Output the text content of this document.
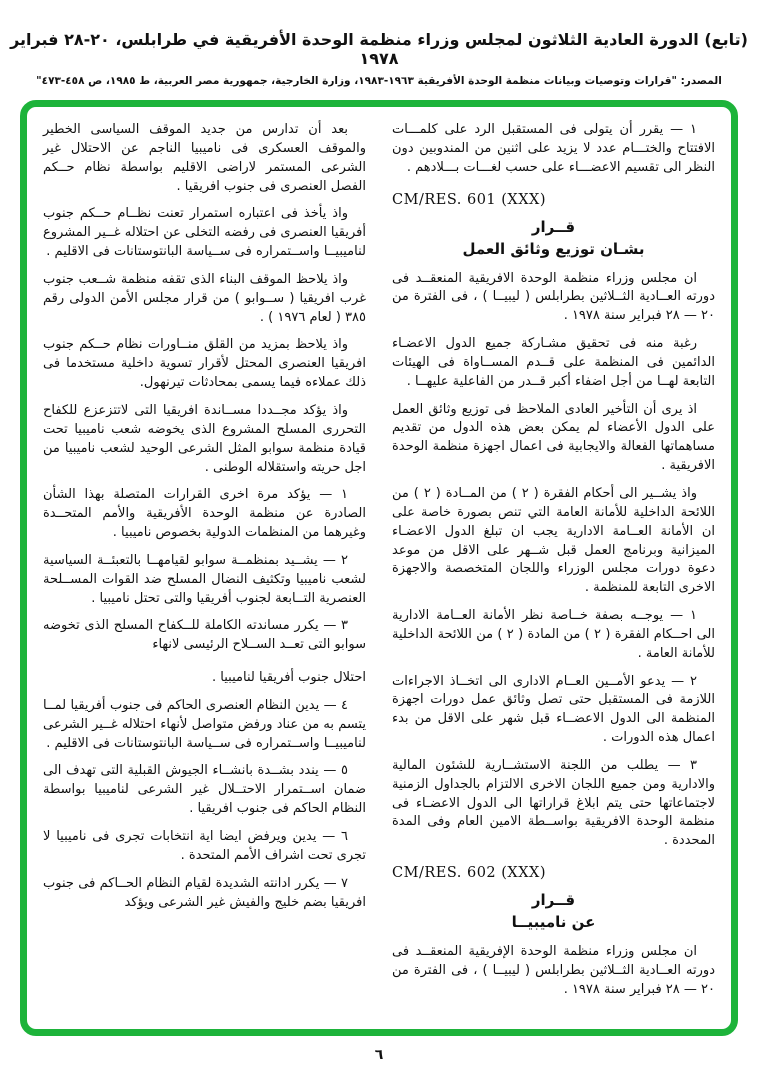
(تابع) الدورة العادية الثلاثون لمجلس وزراء منظمة الوحدة الأفريقية في طرابلس، ٢٠-٢٨ فبراير ١٩٧٨
المصدر: "قرارات وتوصيات وبيانات منظمة الوحدة الأفريقية ١٩٦٣-١٩٨٣، وزارة الخارجية، جمهورية مصر العربية، ط ١٩٨٥، ص ٤٥٨-٤٧٣"

١ — يقرر أن يتولى فى المستقبل الرد على كلمـــات الافتتاح والختـــام عدد لا يزيد على اثنين من المندوبين دون النظر الى تقسيم الاعضـــاء على حسب لغـــات بـــلادهم .

CM/RES. 601 (XXX)
قــرار
بشـان توزيع وثائق العمل

ان مجلس وزراء منظمة الوحدة الافريقية المنعقــد فى دورته العــادية الثــلاثين بطرابلس ( ليبيــا ) ، فى الفترة من ٢٠ — ٢٨ فبراير سنة ١٩٧٨ .

رغبة منه فى تحقيق مشـاركة جميع الدول الاعضـاء الدائمين فى المنظمة على قــدم المســاواة فى الهيئات التابعة لهــا من أجل اضفاء أكبر قــدر من الفاعلية عليهــا .

اذ يرى أن التأخير العادى الملاحظ فى توزيع وثائق العمل على الدول الأعضاء لم يمكن بعض هذه الدول من تقديم مساهماتها الفعالة والايجابية فى اعمال اجهزة منظمة الوحدة الافريقية .

واذ يشــير الى أحكام الفقرة ( ٢ ) من المــادة ( ٢ ) من اللائحة الداخلية للأمانة العامة التي تنص بصورة خاصة على ان الأمانة العــامة الادارية يجب ان تبلغ الدول الاعضـاء الميزانية وبرنامج العمل قبل شــهر على الاقل من موعد دعوة دورات مجلس الوزراء واللجان المتخصصة والاجهزة الاخرى التابعة للمنظمة .

١ — يوجــه بصفة خــاصة نظر الأمانة العــامة الادارية الى احــكام الفقرة ( ٢ ) من المادة ( ٢ ) من اللائحة الداخلية للأمانة العامة .

٢ — يدعو الأمــين العــام الادارى الى اتخــاذ الاجراءات اللازمة فى المستقبل حتى تصل وثائق عمل دورات اجهزة المنظمة الى الدول الاعضــاء قبل شهر على الاقل من بدء اعمال هذه الدورات .

٣ — يطلب من اللجنة الاستشــارية للشئون المالية والادارية ومن جميع اللجان الاخرى الالتزام بالجداول الزمنية لاجتماعاتها حتى يتم ابلاغ قراراتها الى الدول الاعضـاء فى منظمة الوحدة الافريقية بواســطة الامين العام وفى المدة المحددة .

CM/RES. 602 (XXX)
قــرار
عن ناميبيــا

ان مجلس وزراء منظمة الوحدة الإفريقية المنعقــد فى دورته العــادية الثــلاثين بطرابلس ( ليبيــا ) ، فى الفترة من ٢٠ — ٢٨ فبراير سنة ١٩٧٨ .

بعد أن تدارس من جديد الموقف السياسى الخطير والموقف العسكرى فى ناميبيا الناجم عن الاحتلال غير الشرعى المستمر لاراضى الاقليم بواسطة نظام حــكم الفصل العنصرى فى جنوب افريقيا .

واذ يأخذ فى اعتباره استمرار تعنت نظــام حــكم جنوب أفريقيا العنصرى فى رفضه التخلى عن احتلاله غــير المشروع لناميبيــا واســتمراره فى ســياسة البانتوستانات فى الاقليم .

واذ يلاحظ الموقف البناء الذى تقفه منظمة شــعب جنوب غرب افريقيا ( ســوابو ) من قرار مجلس الأمن الدولى رقم ٣٨٥ ( لعام ١٩٧٦ ) .

واذ يلاحظ بمزيد من القلق منــاورات نظام حــكم جنوب افريقيا العنصرى المحتل لأقرار تسوية داخلية مستخدما فى ذلك عملاءه فيما يسمى بمحادثات تيرنهول.

واذ يؤكد مجــددا مســاندة افريقيا التى لاتتزعزع للكفاح التحررى المسلح المشروع الذى يخوضه شعب ناميبيا تحت قيادة منظمة سوابو المثل الشرعى الوحيد لشعب ناميبيا من اجل حريته واستقلاله الوطنى .

١ — يؤكد مرة اخرى القرارات المتصلة بهذا الشأن الصادرة عن منظمة الوحدة الأفريقية والأمم المتحــدة وغيرهما من المنظمات الدولية بخصوص ناميبيا .

٢ — يشــيد بمنظمــة سوابو لقيامهــا بالتعبئــة السياسية لشعب ناميبيا وتكثيف النضال المسلح ضد القوات المســلحة العنصرية التــابعة لجنوب أفريقيا والتى تحتل ناميبيا .

٣ — يكرر مساندته الكاملة للــكفاح المسلح الذى تخوضه سوابو التى تعــد الســلاح الرئيسى لانهاء

احتلال جنوب أفريقيا لناميبيا .

٤ — يدين النظام العنصرى الحاكم فى جنوب أفريقيا لمــا يتسم به من عناد ورفض متواصل لأنهاء احتلاله غــير الشرعى لناميبيــا واســتمراره فى ســياسة البانتوستانات فى الاقليم .

٥ — يندد بشــدة بانشــاء الجيوش القبلية التى تهدف الى ضمان اســتمرار الاحتــلال غير الشرعى لناميبيا بواسطة النظام الحاكم فى جنوب افريقيا .

٦ — يدين ويرفض ايضا اية انتخابات تجرى فى ناميبيا لا تجرى تحت اشراف الأمم المتحدة .

٧ — يكرر ادانته الشديدة لقيام النظام الحــاكم فى جنوب افريقيا بضم خليج والفيش غير الشرعى ويؤكد

٦
